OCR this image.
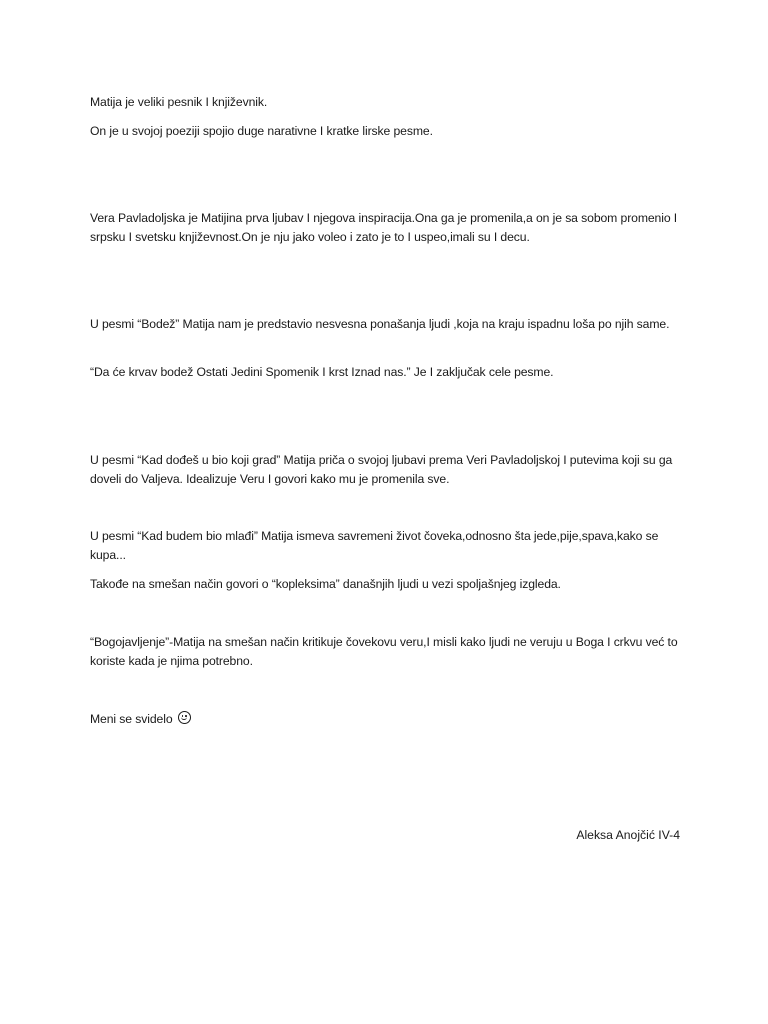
Matija je veliki pesnik I književnik.

On je u svojoj poeziji spojio duge narativne I kratke lirske pesme.

Vera Pavladoljska je Matijina prva ljubav I njegova inspiracija.Ona ga je promenila,a on je sa sobom promenio I srpsku I svetsku književnost.On je nju jako voleo i zato je to I uspeo,imali su I decu.

U pesmi “Bodež” Matija nam je predstavio nesvesna ponašanja ljudi ,koja na kraju ispadnu loša po njih same.

“Da će krvav bodež Ostati Jedini Spomenik I krst Iznad nas.” Je I zaključak cele pesme.

U pesmi “Kad dođeš u bio koji grad” Matija priča o svojoj ljubavi prema Veri Pavladoljskoj I putevima koji su ga doveli do Valjeva. Idealizuje Veru I govori kako mu je promenila sve.

U pesmi “Kad budem bio mlađi” Matija ismeva savremeni život čoveka,odnosno šta jede,pije,spava,kako se kupa...

Takođe na smešan način govori o “kopleksima” današnjih ljudi u vezi spoljašnjeg izgleda.

“Bogojavljenje”-Matija na smešan način kritikuje čovekovu veru,I misli kako ljudi ne veruju u Boga I crkvu već to koriste kada je njima potrebno.

Meni se svidelo

Aleksa Anojčić IV-4
